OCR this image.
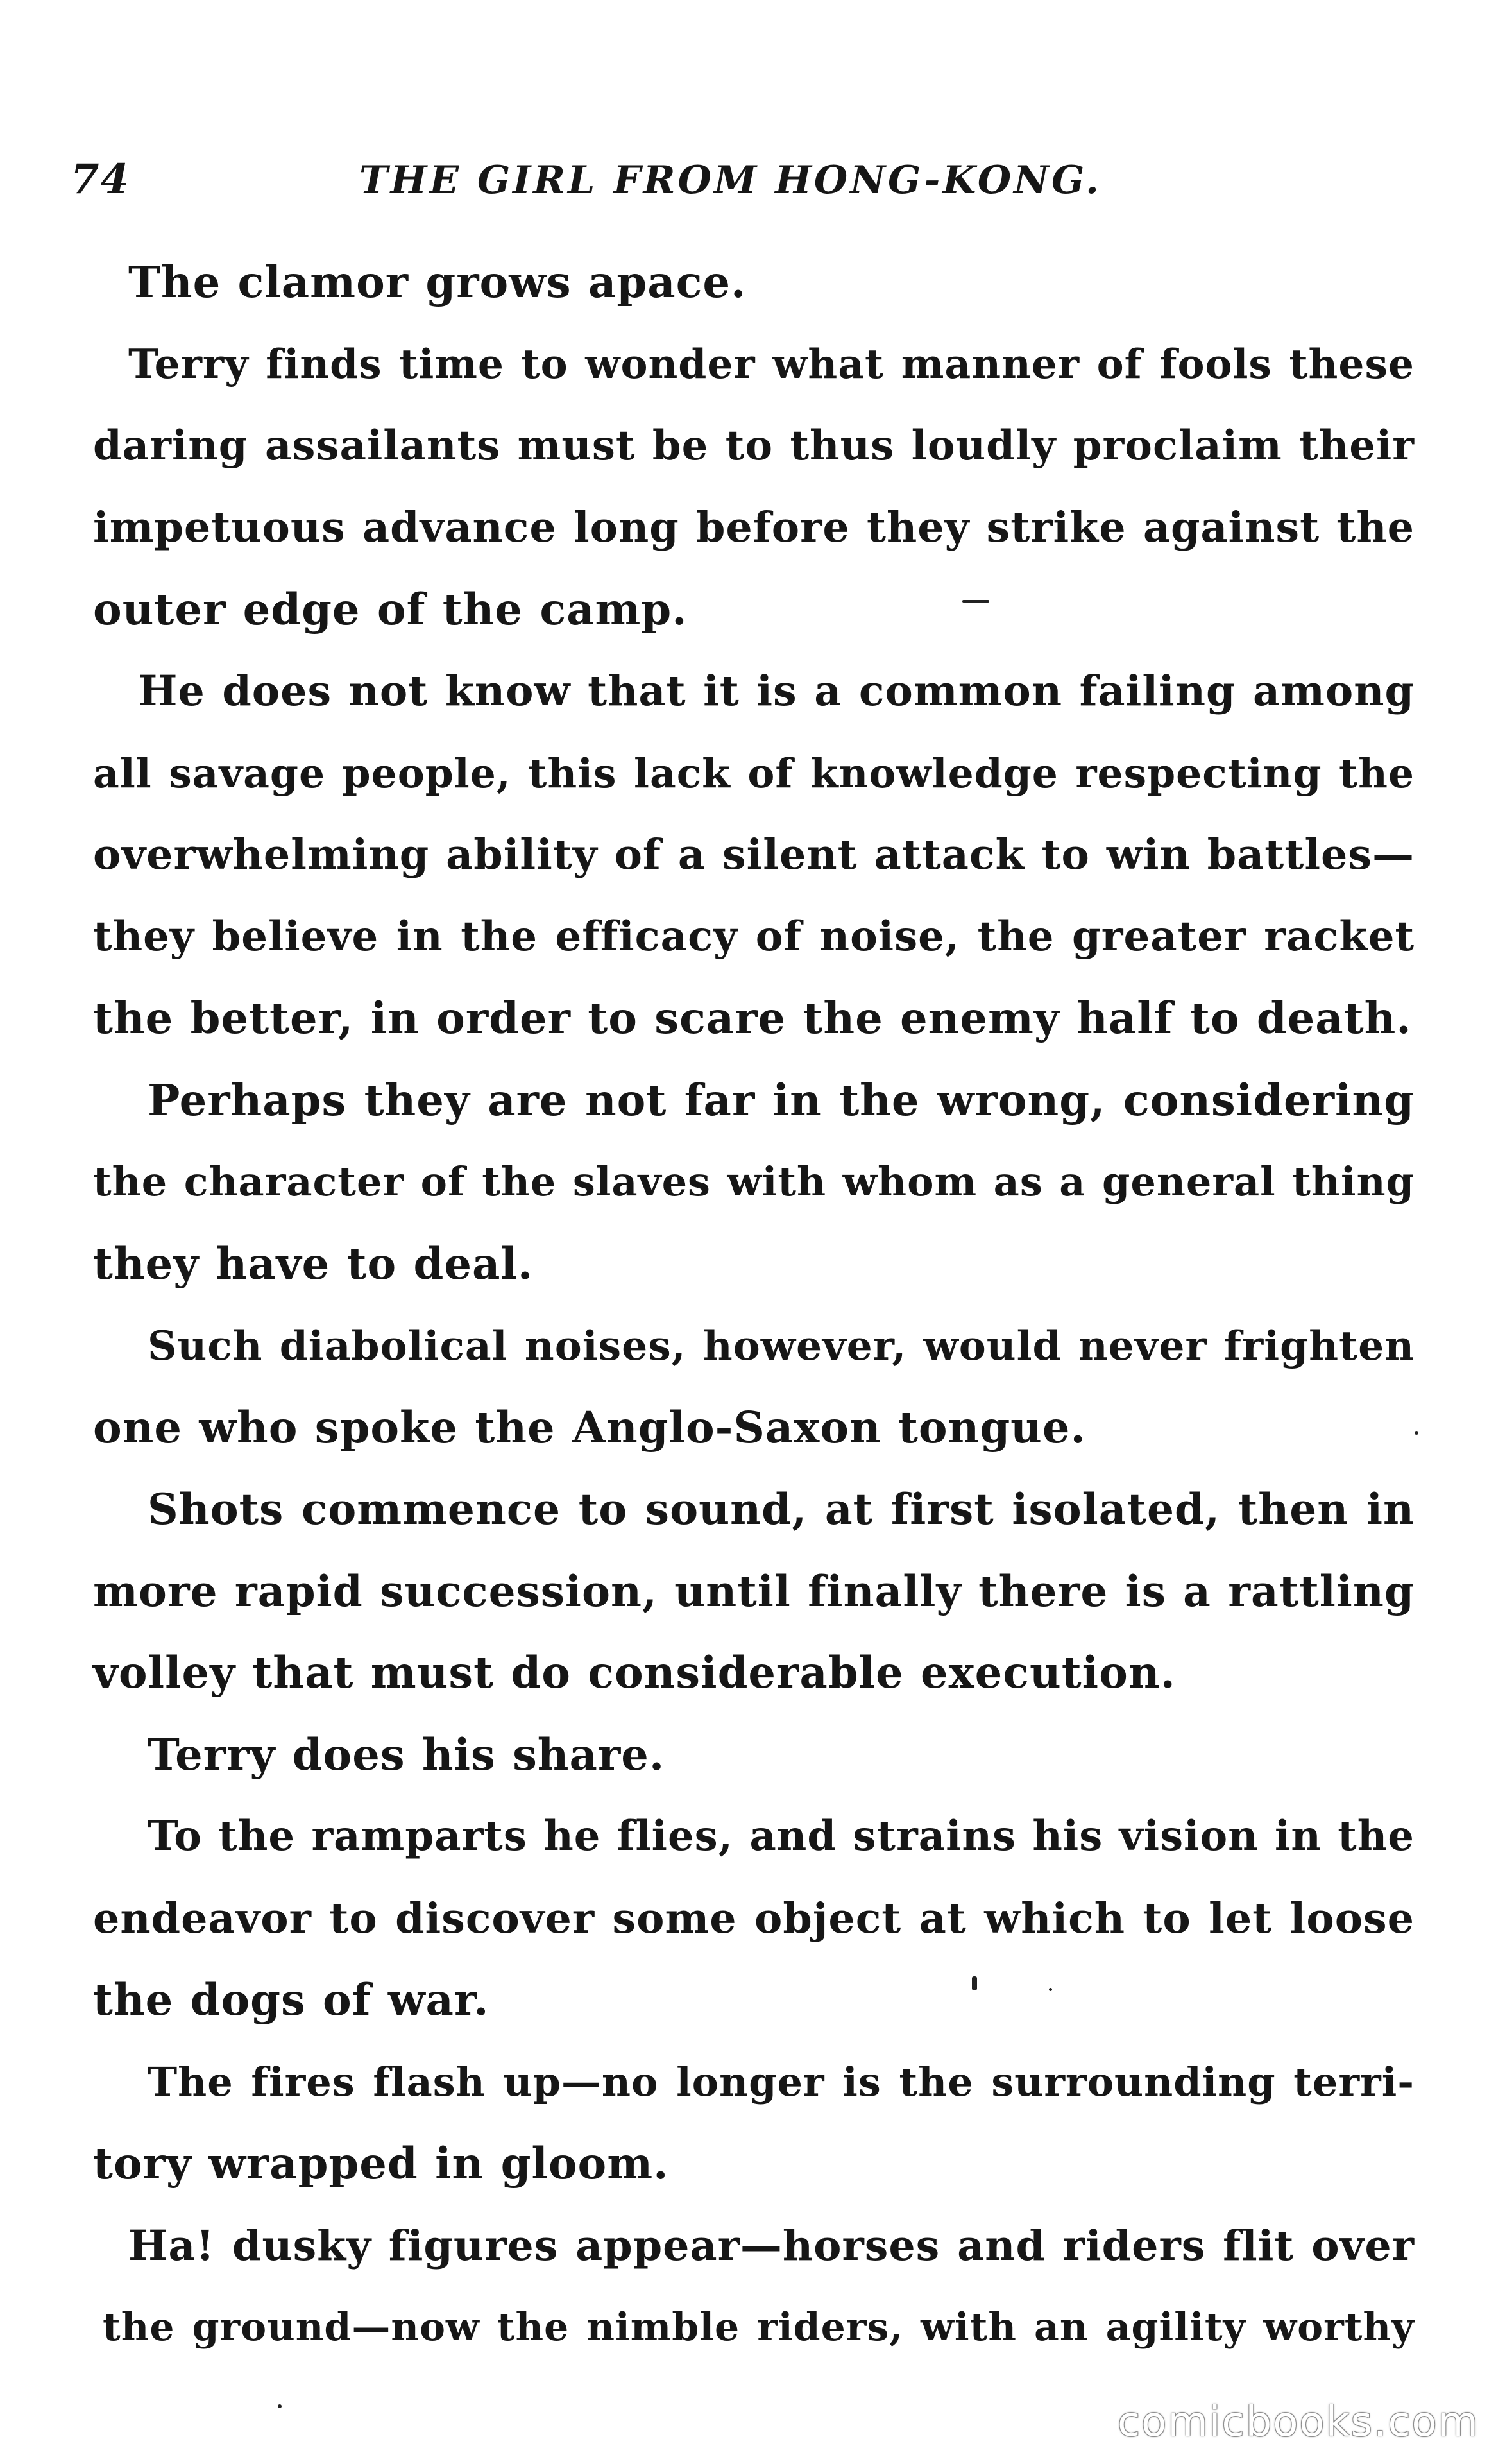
74	THE GIRL FROM HONG-KONG.
The clamor grows apace.
Terry finds time to wonder what manner of fools these
daring assailants must be to thus loudly proclaim their
impetuous advance long before they strike against the
outer edge of the camp.
He does not know that it is a common failing among
all savage people, this lack of knowledge respecting the
overwhelming ability of a silent attack to win battles—
they believe in the efficacy of noise, the greater racket
the better, in order to scare the enemy half to death.
Perhaps they are not far in the wrong, considering
the character of the slaves with whom as a general thing
they have to deal.
Such diabolical noises, however, would never frighten
one who spoke the Anglo-Saxon tongue.
Shots commence to sound, at first isolated, then in
more rapid succession, until finally there is a rattling
volley that must do considerable execution.
Terry does his share.
To the ramparts he flies, and strains his vision in the
endeavor to discover some object at which to let loose
the dogs of war.
The fires flash up—no longer is the surrounding terri-
tory wrapped in gloom.
Ha! dusky figures appear—horses and riders flit over
the ground—now the nimble riders, with an agility worthy
comicbooks.com
